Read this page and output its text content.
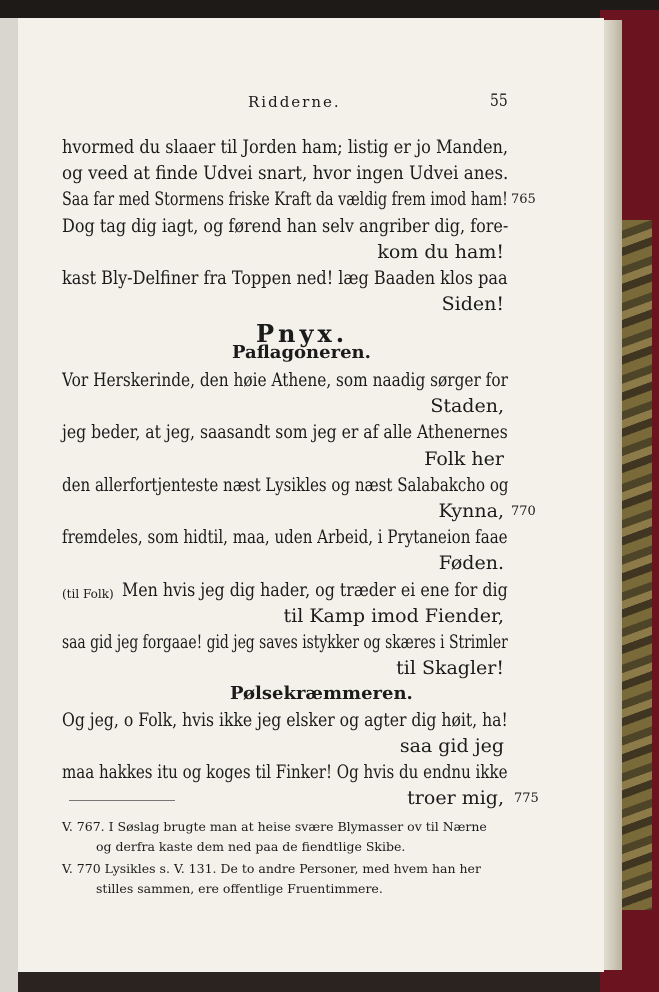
Ridderne.	55
hvormed du slaaer til Jorden ham; listig er jo Manden,
og veed at finde Udvei snart, hvor ingen Udvei anes.
Saa far med Stormens friske Kraft da vældig frem imod ham! 765
Dog tag dig iagt, og førend han selv angriber dig, fore-
kom du ham!
kast Bly-Delfiner fra Toppen ned! læg Baaden klos paa
Siden!
Pnyx.
Paflagoneren.
Vor Herskerinde, den høie Athene, som naadig sørger for
Staden,
jeg beder, at jeg, saasandt som jeg er af alle Athenernes
Folk her
den allerfortjenteste næst Lysikles og næst Salabakcho og
Kynna, 770
fremdeles, som hidtil, maa, uden Arbeid, i Prytaneion faae
Føden.
(til Folk) Men hvis jeg dig hader, og træder ei ene for dig
til Kamp imod Fiender,
saa gid jeg forgaae! gid jeg saves istykker og skæres i Strimler
til Skagler!
Pølsekræmmeren.
Og jeg, o Folk, hvis ikke jeg elsker og agter dig høit, ha!
saa gid jeg
maa hakkes itu og koges til Finker! Og hvis du endnu ikke
troer mig, 775
V. 767. I Søslag brugte man at heise svære Blymasser ov til Nærne
og derfra kaste dem ned paa de fiendtlige Skibe.
V. 770 Lysikles s. V. 131. De to andre Personer, med hvem han her
stilles sammen, ere offentlige Fruentimmere.
